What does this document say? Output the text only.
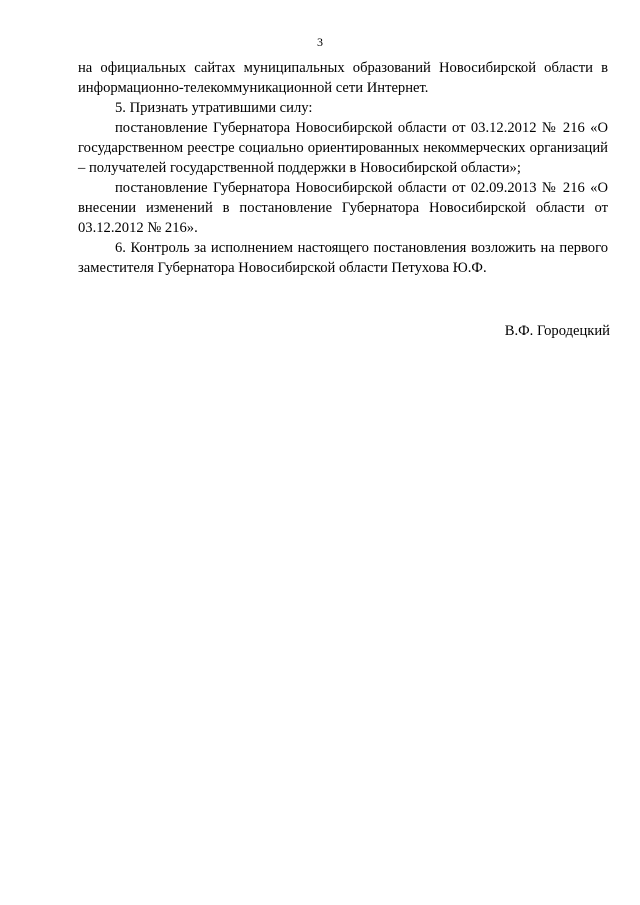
3

на официальных сайтах муниципальных образований Новосибирской области в информационно-телекоммуникационной сети Интернет.

5. Признать утратившими силу:

постановление Губернатора Новосибирской области от 03.12.2012 № 216 «О государственном реестре социально ориентированных некоммерческих организаций – получателей государственной поддержки в Новосибирской области»;

постановление Губернатора Новосибирской области от 02.09.2013 № 216 «О внесении изменений в постановление Губернатора Новосибирской области от 03.12.2012 № 216».

6. Контроль за исполнением настоящего постановления возложить на первого заместителя Губернатора Новосибирской области Петухова Ю.Ф.

В.Ф. Городецкий
